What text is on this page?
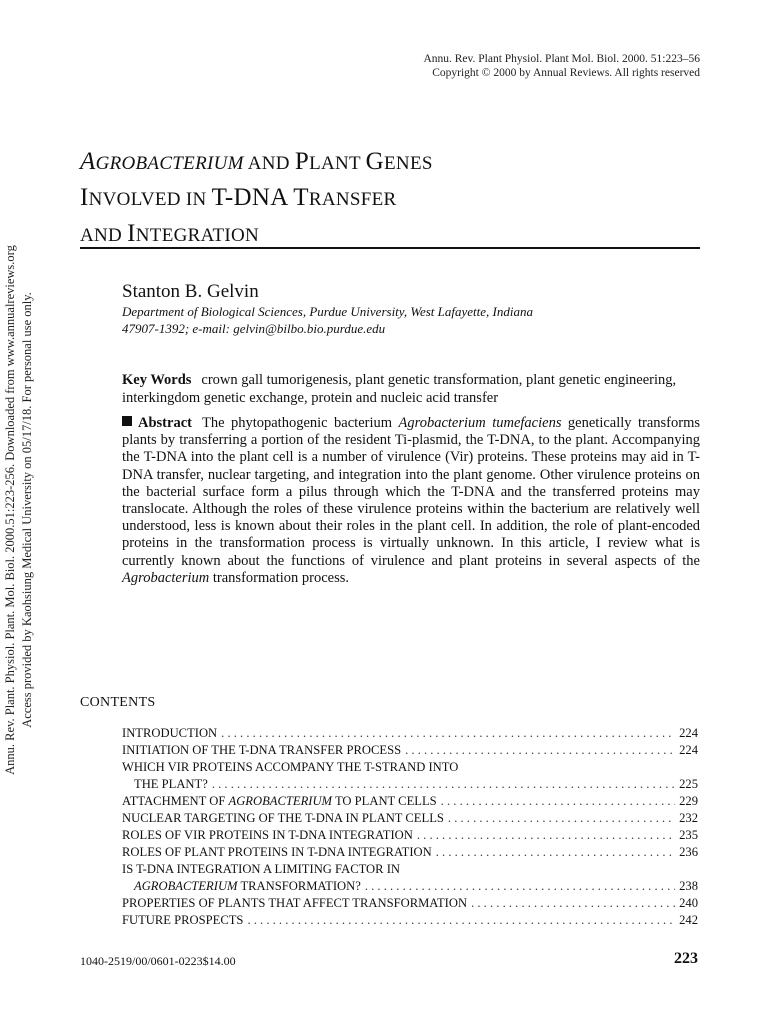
Annu. Rev. Plant. Physiol. Plant. Mol. Biol. 2000.51:223-256. Downloaded from www.annualreviews.org Access provided by Kaohsiung Medical University on 05/17/18. For personal use only.
Annu. Rev. Plant Physiol. Plant Mol. Biol. 2000. 51:223–56
Copyright © 2000 by Annual Reviews. All rights reserved
AGROBACTERIUM AND PLANT GENES
INVOLVED IN T-DNA TRANSFER
AND INTEGRATION
Stanton B. Gelvin
Department of Biological Sciences, Purdue University, West Lafayette, Indiana
47907-1392; e-mail: gelvin@bilbo.bio.purdue.edu
Key Words crown gall tumorigenesis, plant genetic transformation, plant genetic engineering, interkingdom genetic exchange, protein and nucleic acid transfer
Abstract The phytopathogenic bacterium Agrobacterium tumefaciens genetically transforms plants by transferring a portion of the resident Ti-plasmid, the T-DNA, to the plant. Accompanying the T-DNA into the plant cell is a number of virulence (Vir) proteins. These proteins may aid in T-DNA transfer, nuclear targeting, and integration into the plant genome. Other virulence proteins on the bacterial surface form a pilus through which the T-DNA and the transferred proteins may translocate. Although the roles of these virulence proteins within the bacterium are relatively well understood, less is known about their roles in the plant cell. In addition, the role of plant-encoded proteins in the transformation process is virtually unknown. In this article, I review what is currently known about the functions of virulence and plant proteins in several aspects of the Agrobacterium transformation process.
CONTENTS
INTRODUCTION . . .	224
INITIATION OF THE T-DNA TRANSFER PROCESS . . .	224
WHICH VIR PROTEINS ACCOMPANY THE T-STRAND INTO
THE PLANT? . . .	225
ATTACHMENT OF AGROBACTERIUM TO PLANT CELLS . . .	229
NUCLEAR TARGETING OF THE T-DNA IN PLANT CELLS . . .	232
ROLES OF VIR PROTEINS IN T-DNA INTEGRATION . . .	235
ROLES OF PLANT PROTEINS IN T-DNA INTEGRATION . . .	236
IS T-DNA INTEGRATION A LIMITING FACTOR IN
AGROBACTERIUM TRANSFORMATION? . . .	238
PROPERTIES OF PLANTS THAT AFFECT TRANSFORMATION . . .	240
FUTURE PROSPECTS . . .	242
1040-2519/00/0601-0223$14.00	223
